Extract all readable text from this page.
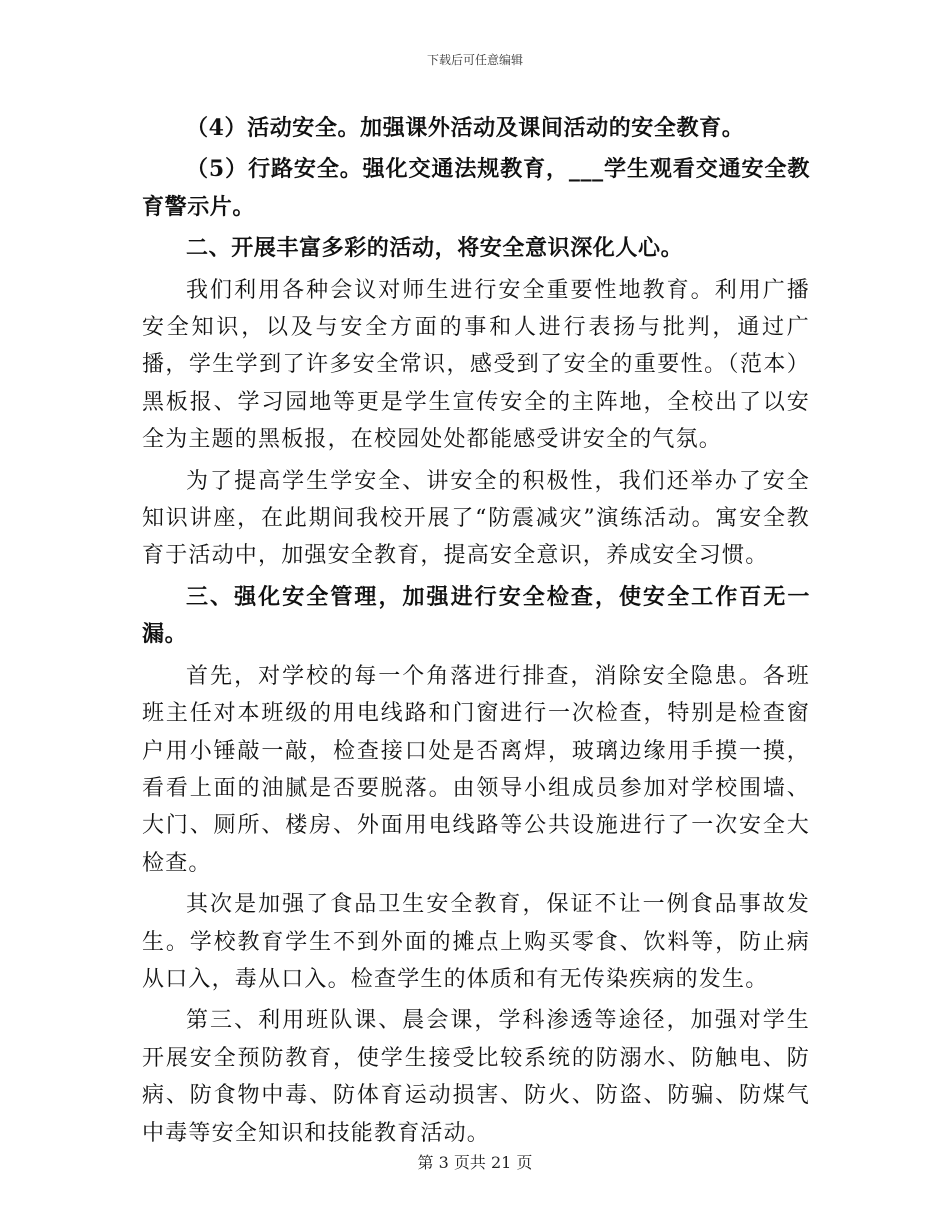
下载后可任意编辑

（4）活动安全。加强课外活动及课间活动的安全教育。

（5）行路安全。强化交通法规教育，___学生观看交通安全教育警示片。

二、开展丰富多彩的活动，将安全意识深化人心。

我们利用各种会议对师生进行安全重要性地教育。利用广播安全知识，以及与安全方面的事和人进行表扬与批判，通过广播，学生学到了许多安全常识，感受到了安全的重要性。（范本）黑板报、学习园地等更是学生宣传安全的主阵地，全校出了以安全为主题的黑板报，在校园处处都能感受讲安全的气氛。

为了提高学生学安全、讲安全的积极性，我们还举办了安全知识讲座，在此期间我校开展了“防震减灾”演练活动。寓安全教育于活动中，加强安全教育，提高安全意识，养成安全习惯。

三、强化安全管理，加强进行安全检查，使安全工作百无一漏。

首先，对学校的每一个角落进行排查，消除安全隐患。各班班主任对本班级的用电线路和门窗进行一次检查，特别是检查窗户用小锤敲一敲，检查接口处是否离焊，玻璃边缘用手摸一摸，看看上面的油腻是否要脱落。由领导小组成员参加对学校围墙、大门、厕所、楼房、外面用电线路等公共设施进行了一次安全大检查。

其次是加强了食品卫生安全教育，保证不让一例食品事故发生。学校教育学生不到外面的摊点上购买零食、饮料等，防止病从口入，毒从口入。检查学生的体质和有无传染疾病的发生。

第三、利用班队课、晨会课，学科渗透等途径，加强对学生开展安全预防教育，使学生接受比较系统的防溺水、防触电、防病、防食物中毒、防体育运动损害、防火、防盗、防骗、防煤气中毒等安全知识和技能教育活动。

第 3 页共 21 页
